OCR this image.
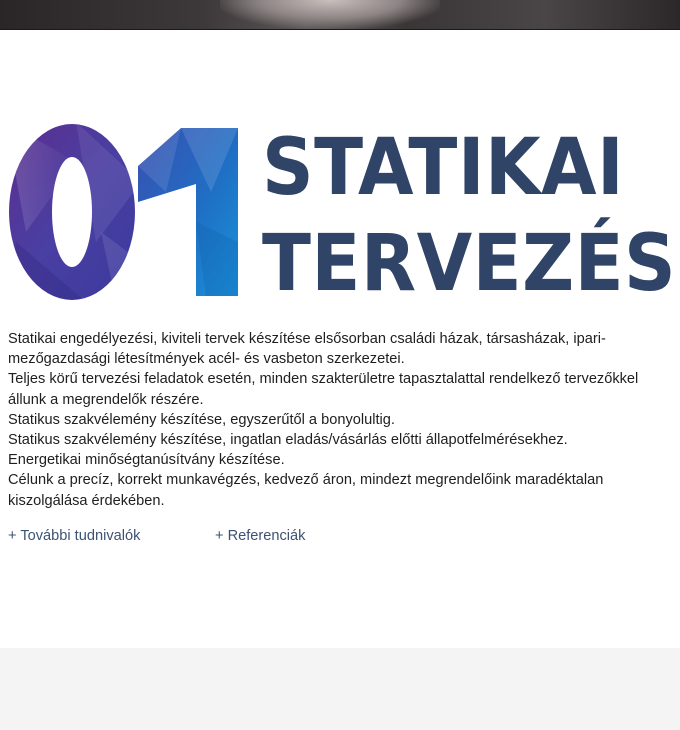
STATIKAI
TERVEZÉS

Statikai engedélyezési, kiviteli tervek készítése elsősorban családi házak, társasházak, ipari-mezőgazdasági létesítmények acél- és vasbeton szerkezetei.

Teljes körű tervezési feladatok esetén, minden szakterületre tapasztalattal rendelkező tervezőkkel állunk a megrendelők részére.

Statikus szakvélemény készítése, egyszerűtől a bonyolultig.

Statikus szakvélemény készítése, ingatlan eladás/vásárlás előtti állapotfelmérésekhez.

Energetikai minőségtanúsítvány készítése.

Célunk a precíz, korrekt munkavégzés, kedvező áron, mindezt megrendelőink maradéktalan kiszolgálása érdekében.

+ További tudnivalók	+ Referenciák
